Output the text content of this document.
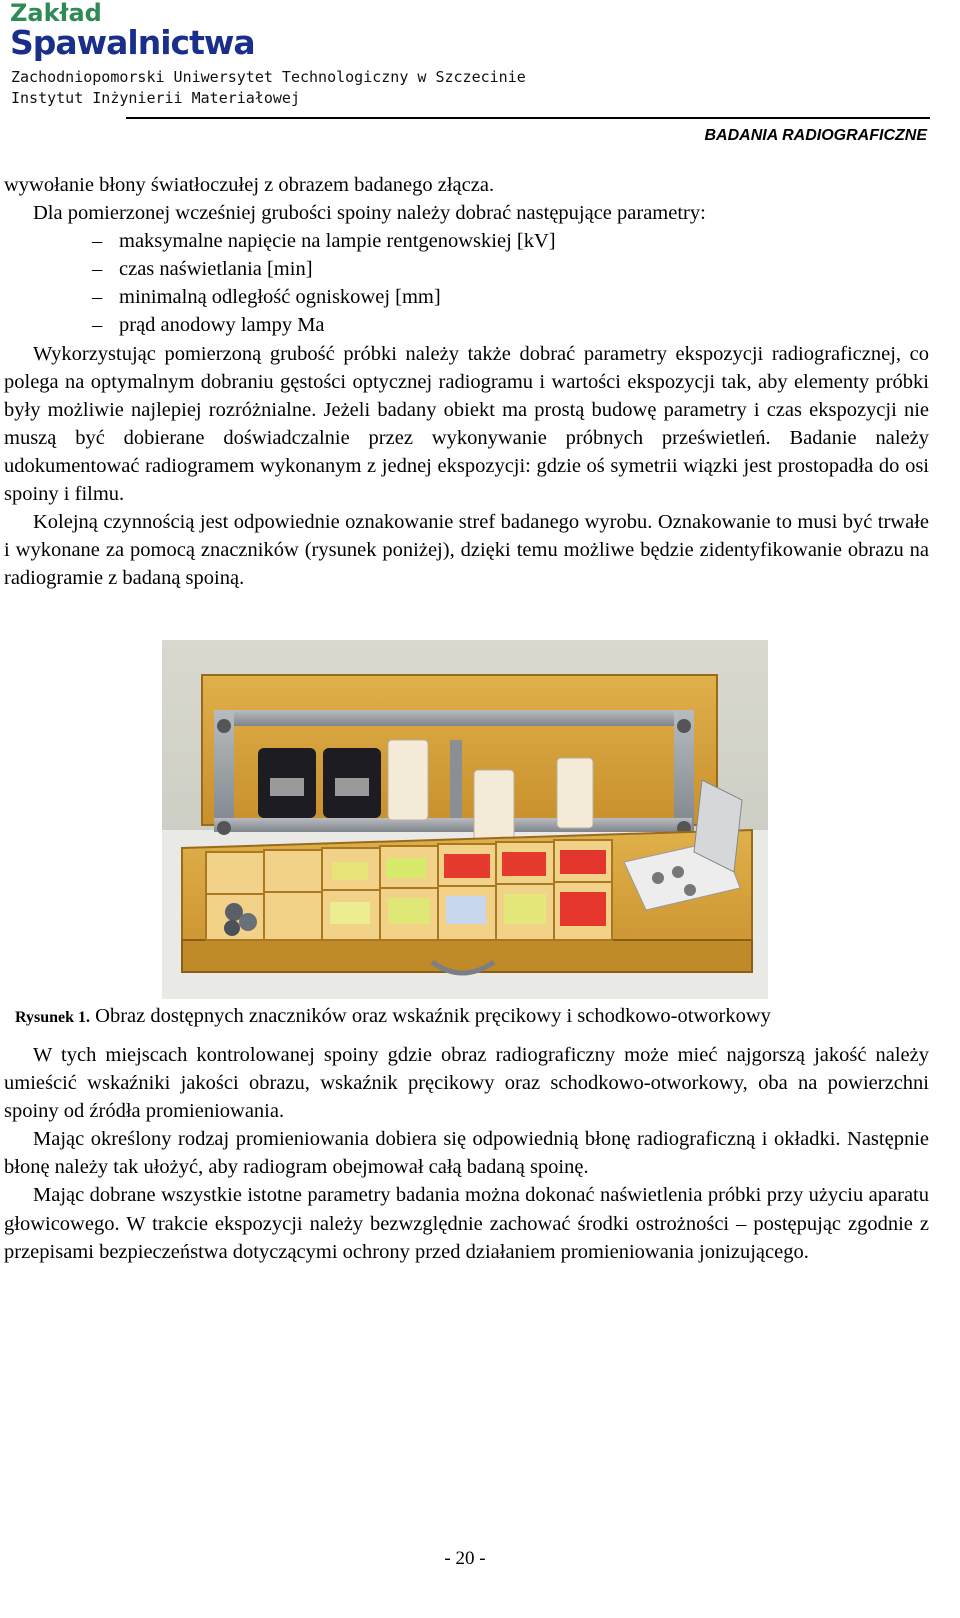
Zakład
Spawalnictwa
Zachodniopomorski Uniwersytet Technologiczny w Szczecinie
Instytut Inżynierii Materiałowej
BADANIA RADIOGRAFICZNE

wywołanie błony światłoczułej z obrazem badanego złącza.

Dla pomierzonej wcześniej grubości spoiny należy dobrać następujące parametry:

– maksymalne napięcie na lampie rentgenowskiej [kV]
– czas naświetlania [min]
– minimalną odległość ogniskowej [mm]
– prąd anodowy lampy Ma

Wykorzystując pomierzoną grubość próbki należy także dobrać parametry ekspozycji radiograficznej, co polega na optymalnym dobraniu gęstości optycznej radiogramu i wartości ekspozycji tak, aby elementy próbki były możliwie najlepiej rozróżnialne. Jeżeli badany obiekt ma prostą budowę parametry i czas ekspozycji nie muszą być dobierane doświadczalnie przez wykonywanie próbnych prześwietleń. Badanie należy udokumentować radiogramem wykonanym z jednej ekspozycji: gdzie oś symetrii wiązki jest prostopadła do osi spoiny i filmu.

Kolejną czynnością jest odpowiednie oznakowanie stref badanego wyrobu. Oznakowanie to musi być trwałe i wykonane za pomocą znaczników (rysunek poniżej), dzięki temu możliwe będzie zidentyfikowanie obrazu na radiogramie z badaną spoiną.

Rysunek 1. Obraz dostępnych znaczników oraz wskaźnik pręcikowy i schodkowo-otworkowy

W tych miejscach kontrolowanej spoiny gdzie obraz radiograficzny może mieć najgorszą jakość należy umieścić wskaźniki jakości obrazu, wskaźnik pręcikowy oraz schodkowo-otworkowy, oba na powierzchni spoiny od źródła promieniowania.

Mając określony rodzaj promieniowania dobiera się odpowiednią błonę radiograficzną i okładki. Następnie błonę należy tak ułożyć, aby radiogram obejmował całą badaną spoinę.

Mając dobrane wszystkie istotne parametry badania można dokonać naświetlenia próbki przy użyciu aparatu głowicowego. W trakcie ekspozycji należy bezwzględnie zachować środki ostrożności – postępując zgodnie z przepisami bezpieczeństwa dotyczącymi ochrony przed działaniem promieniowania jonizującego.

- 20 -
